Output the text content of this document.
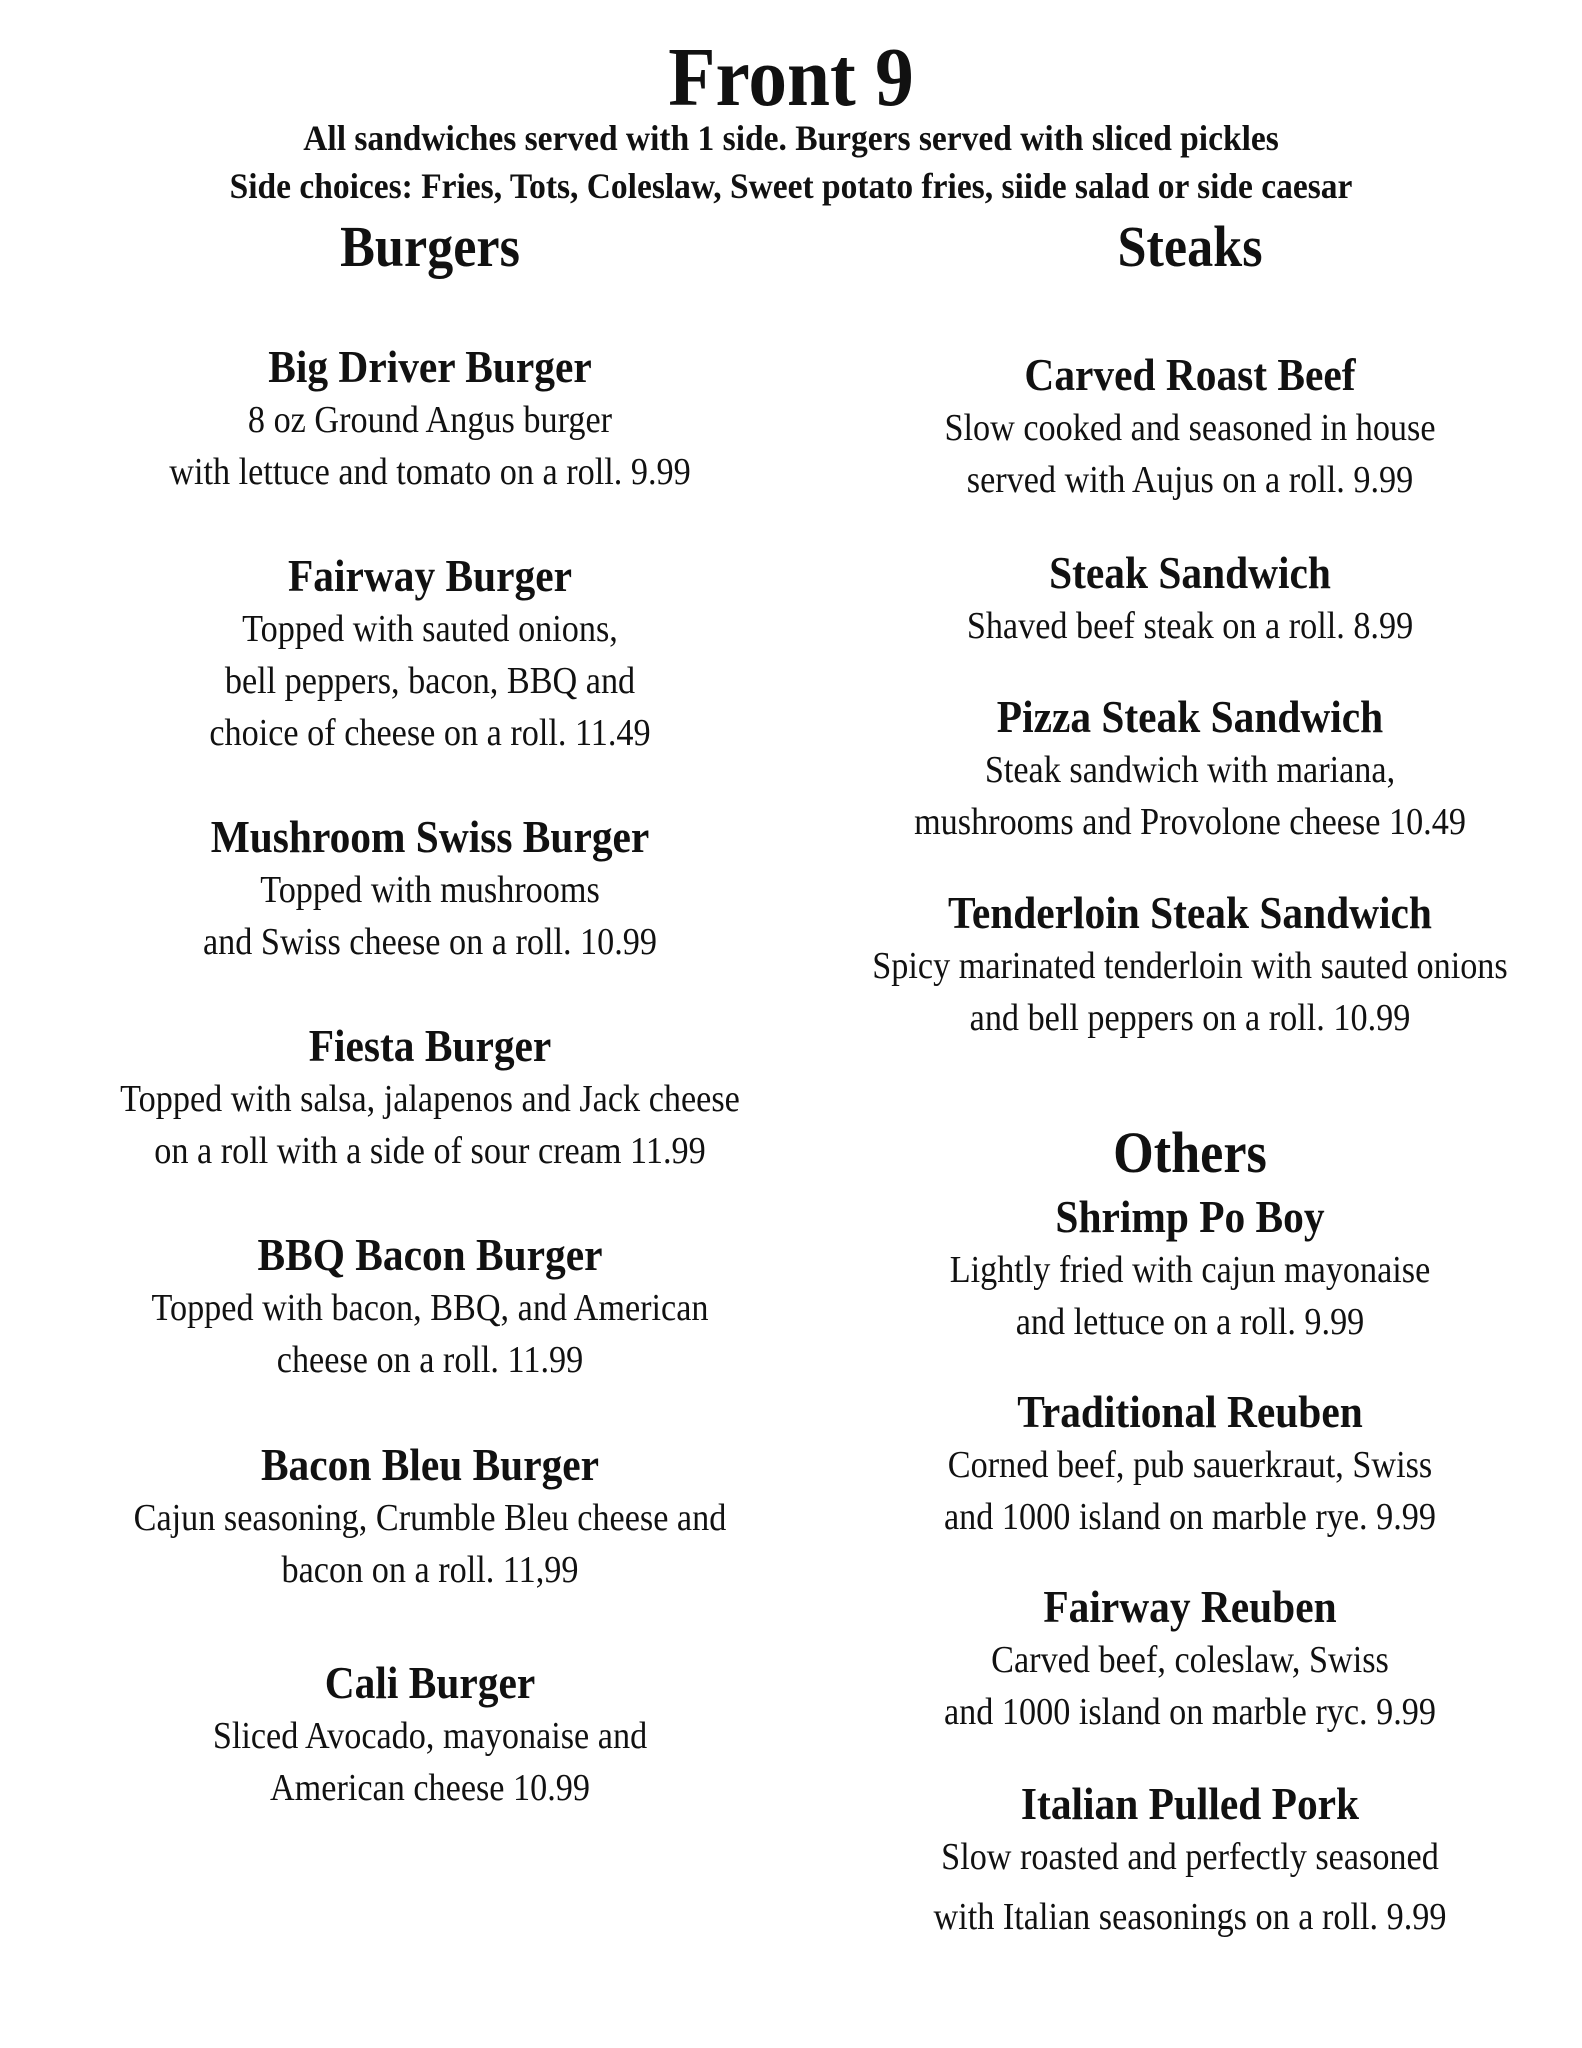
Front 9
All sandwiches served with 1 side. Burgers served with sliced pickles
Side choices: Fries, Tots, Coleslaw, Sweet potato fries, siide salad or side caesar
Burgers	Steaks
Others
Big Driver Burger
8 oz Ground Angus burger
with lettuce and tomato on a roll. 9.99
Fairway Burger
Topped with sauted onions,
bell peppers, bacon, BBQ and
choice of cheese on a roll. 11.49
Mushroom Swiss Burger
Topped with mushrooms
and Swiss cheese on a roll. 10.99
Fiesta Burger
Topped with salsa, jalapenos and Jack cheese
on a roll with a side of sour cream 11.99
BBQ Bacon Burger
Topped with bacon, BBQ, and American
cheese on a roll. 11.99
Bacon Bleu Burger
Cajun seasoning, Crumble Bleu cheese and
bacon on a roll. 11,99
Cali Burger
Sliced Avocado, mayonaise and
American cheese 10.99
Carved Roast Beef
Slow cooked and seasoned in house
served with Aujus on a roll. 9.99
Steak Sandwich
Shaved beef steak on a roll. 8.99
Pizza Steak Sandwich
Steak sandwich with mariana,
mushrooms and Provolone cheese 10.49
Tenderloin Steak Sandwich
Spicy marinated tenderloin with sauted onions
and bell peppers on a roll. 10.99
Shrimp Po Boy
Lightly fried with cajun mayonaise
and lettuce on a roll. 9.99
Traditional Reuben
Corned beef, pub sauerkraut, Swiss
and 1000 island on marble rye. 9.99
Fairway Reuben
Carved beef, coleslaw, Swiss
and 1000 island on marble ryc. 9.99
Italian Pulled Pork
Slow roasted and perfectly seasoned
with Italian seasonings on a roll. 9.99
